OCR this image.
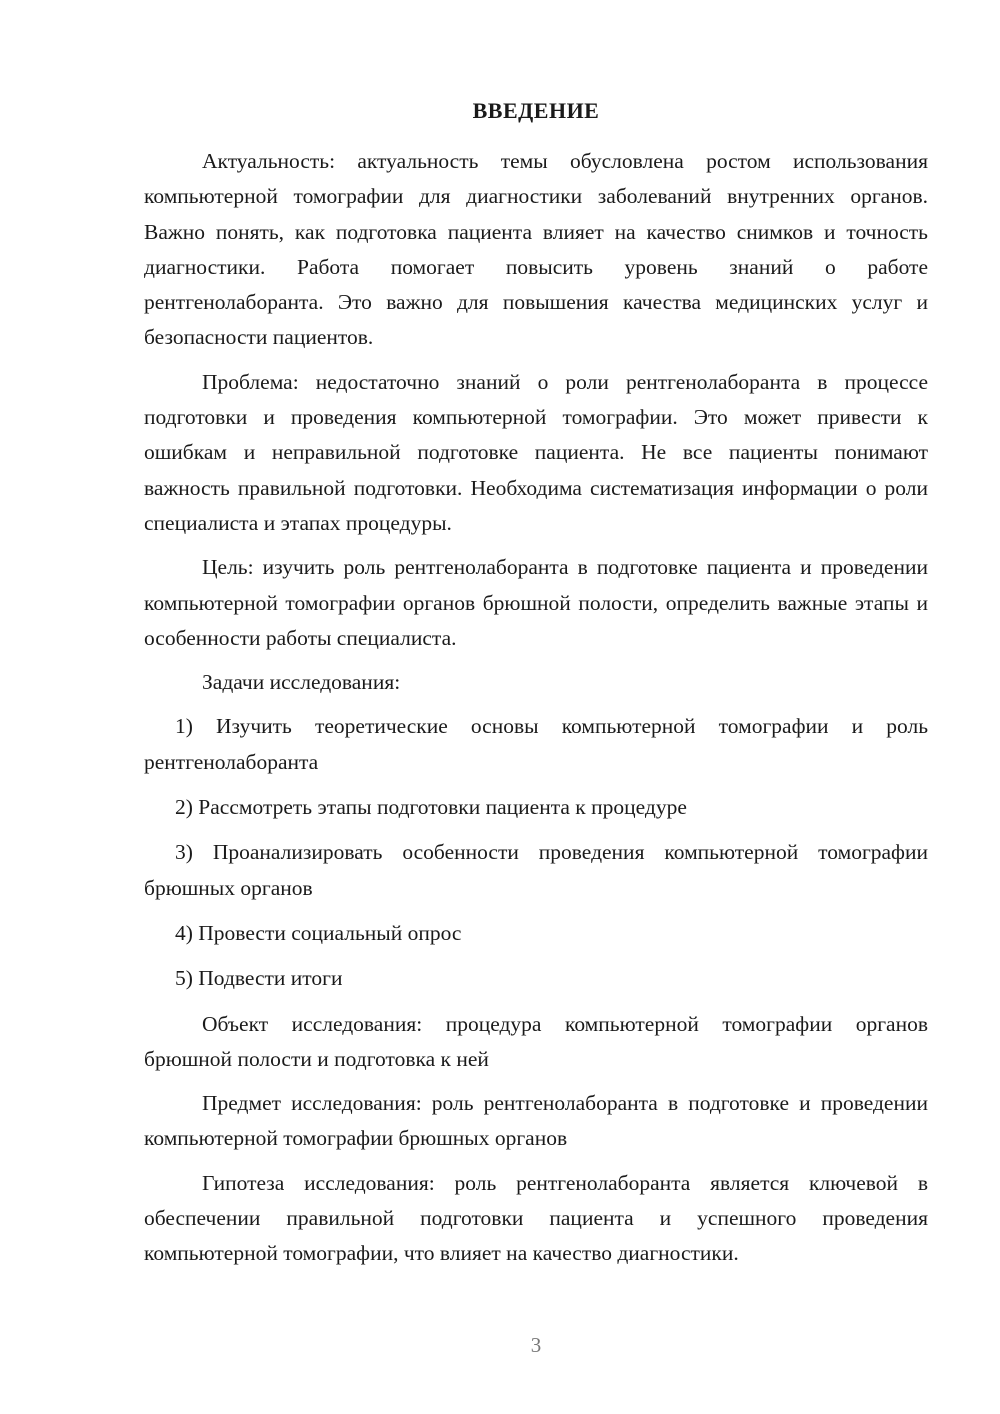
ВВЕДЕНИЕ

Актуальность: актуальность темы обусловлена ростом использования компьютерной томографии для диагностики заболеваний внутренних органов. Важно понять, как подготовка пациента влияет на качество снимков и точность диагностики. Работа помогает повысить уровень знаний о работе рентгенолаборанта. Это важно для повышения качества медицинских услуг и безопасности пациентов.

Проблема: недостаточно знаний о роли рентгенолаборанта в процессе подготовки и проведения компьютерной томографии. Это может привести к ошибкам и неправильной подготовке пациента. Не все пациенты понимают важность правильной подготовки. Необходима систематизация информации о роли специалиста и этапах процедуры.

Цель: изучить роль рентгенолаборанта в подготовке пациента и проведении компьютерной томографии органов брюшной полости, определить важные этапы и особенности работы специалиста.

Задачи исследования:

1) Изучить теоретические основы компьютерной томографии и роль рентгенолаборанта

2) Рассмотреть этапы подготовки пациента к процедуре

3) Проанализировать особенности проведения компьютерной томографии брюшных органов

4) Провести социальный опрос

5) Подвести итоги

Объект исследования: процедура компьютерной томографии органов брюшной полости и подготовка к ней

Предмет исследования: роль рентгенолаборанта в подготовке и проведении компьютерной томографии брюшных органов

Гипотеза исследования: роль рентгенолаборанта является ключевой в обеспечении правильной подготовки пациента и успешного проведения компьютерной томографии, что влияет на качество диагностики.

3
